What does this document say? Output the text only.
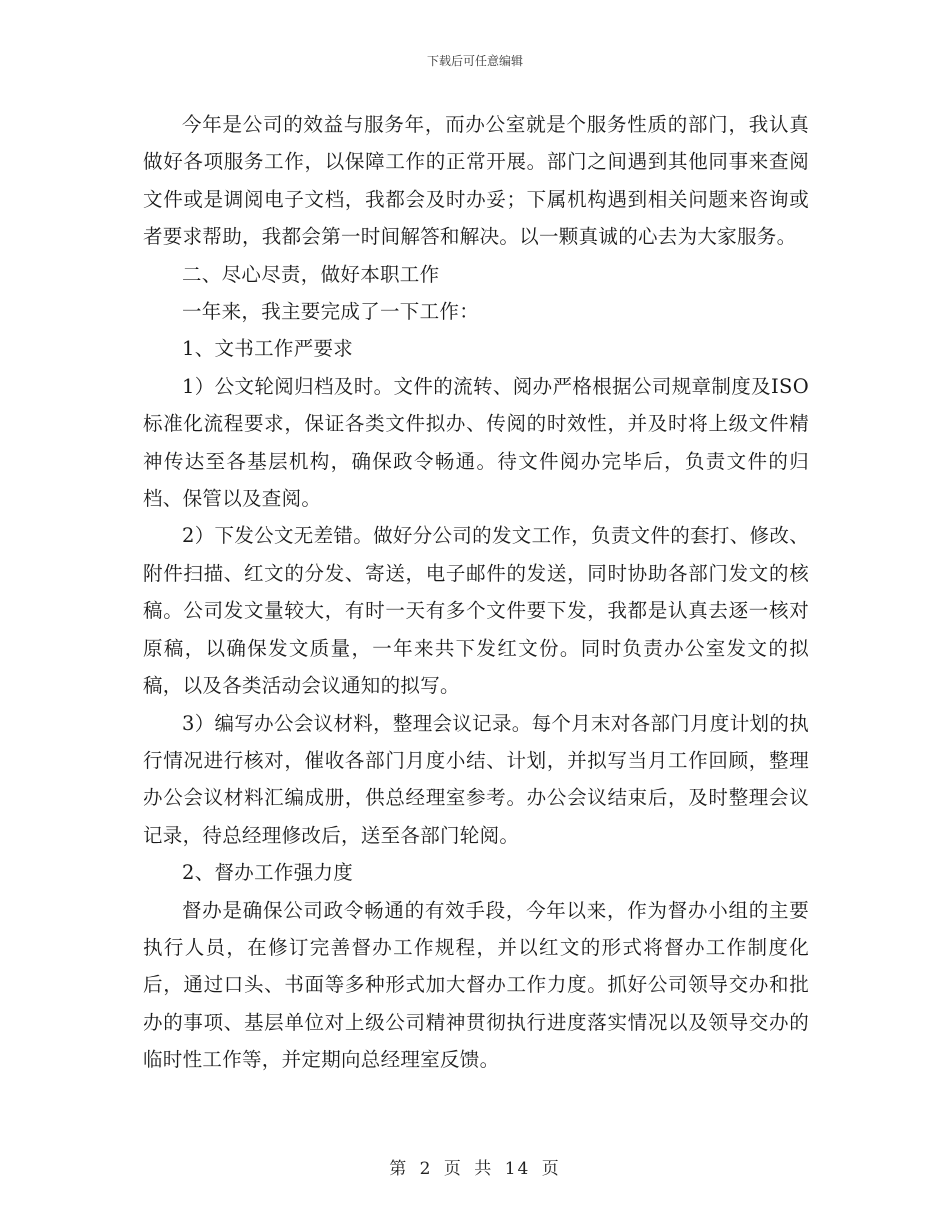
下载后可任意编辑

今年是公司的效益与服务年，而办公室就是个服务性质的部门，我认真做好各项服务工作，以保障工作的正常开展。部门之间遇到其他同事来查阅文件或是调阅电子文档，我都会及时办妥；下属机构遇到相关问题来咨询或者要求帮助，我都会第一时间解答和解决。以一颗真诚的心去为大家服务。

二、尽心尽责，做好本职工作

一年来，我主要完成了一下工作：

1、文书工作严要求

1）公文轮阅归档及时。文件的流转、阅办严格根据公司规章制度及ISO标准化流程要求，保证各类文件拟办、传阅的时效性，并及时将上级文件精神传达至各基层机构，确保政令畅通。待文件阅办完毕后，负责文件的归档、保管以及查阅。

2）下发公文无差错。做好分公司的发文工作，负责文件的套打、修改、附件扫描、红文的分发、寄送，电子邮件的发送，同时协助各部门发文的核稿。公司发文量较大，有时一天有多个文件要下发，我都是认真去逐一核对原稿，以确保发文质量，一年来共下发红文份。同时负责办公室发文的拟稿，以及各类活动会议通知的拟写。

3）编写办公会议材料，整理会议记录。每个月末对各部门月度计划的执行情况进行核对，催收各部门月度小结、计划，并拟写当月工作回顾，整理办公会议材料汇编成册，供总经理室参考。办公会议结束后，及时整理会议记录，待总经理修改后，送至各部门轮阅。

2、督办工作强力度

督办是确保公司政令畅通的有效手段，今年以来，作为督办小组的主要执行人员，在修订完善督办工作规程，并以红文的形式将督办工作制度化后，通过口头、书面等多种形式加大督办工作力度。抓好公司领导交办和批办的事项、基层单位对上级公司精神贯彻执行进度落实情况以及领导交办的临时性工作等，并定期向总经理室反馈。

第 2 页 共 14 页
